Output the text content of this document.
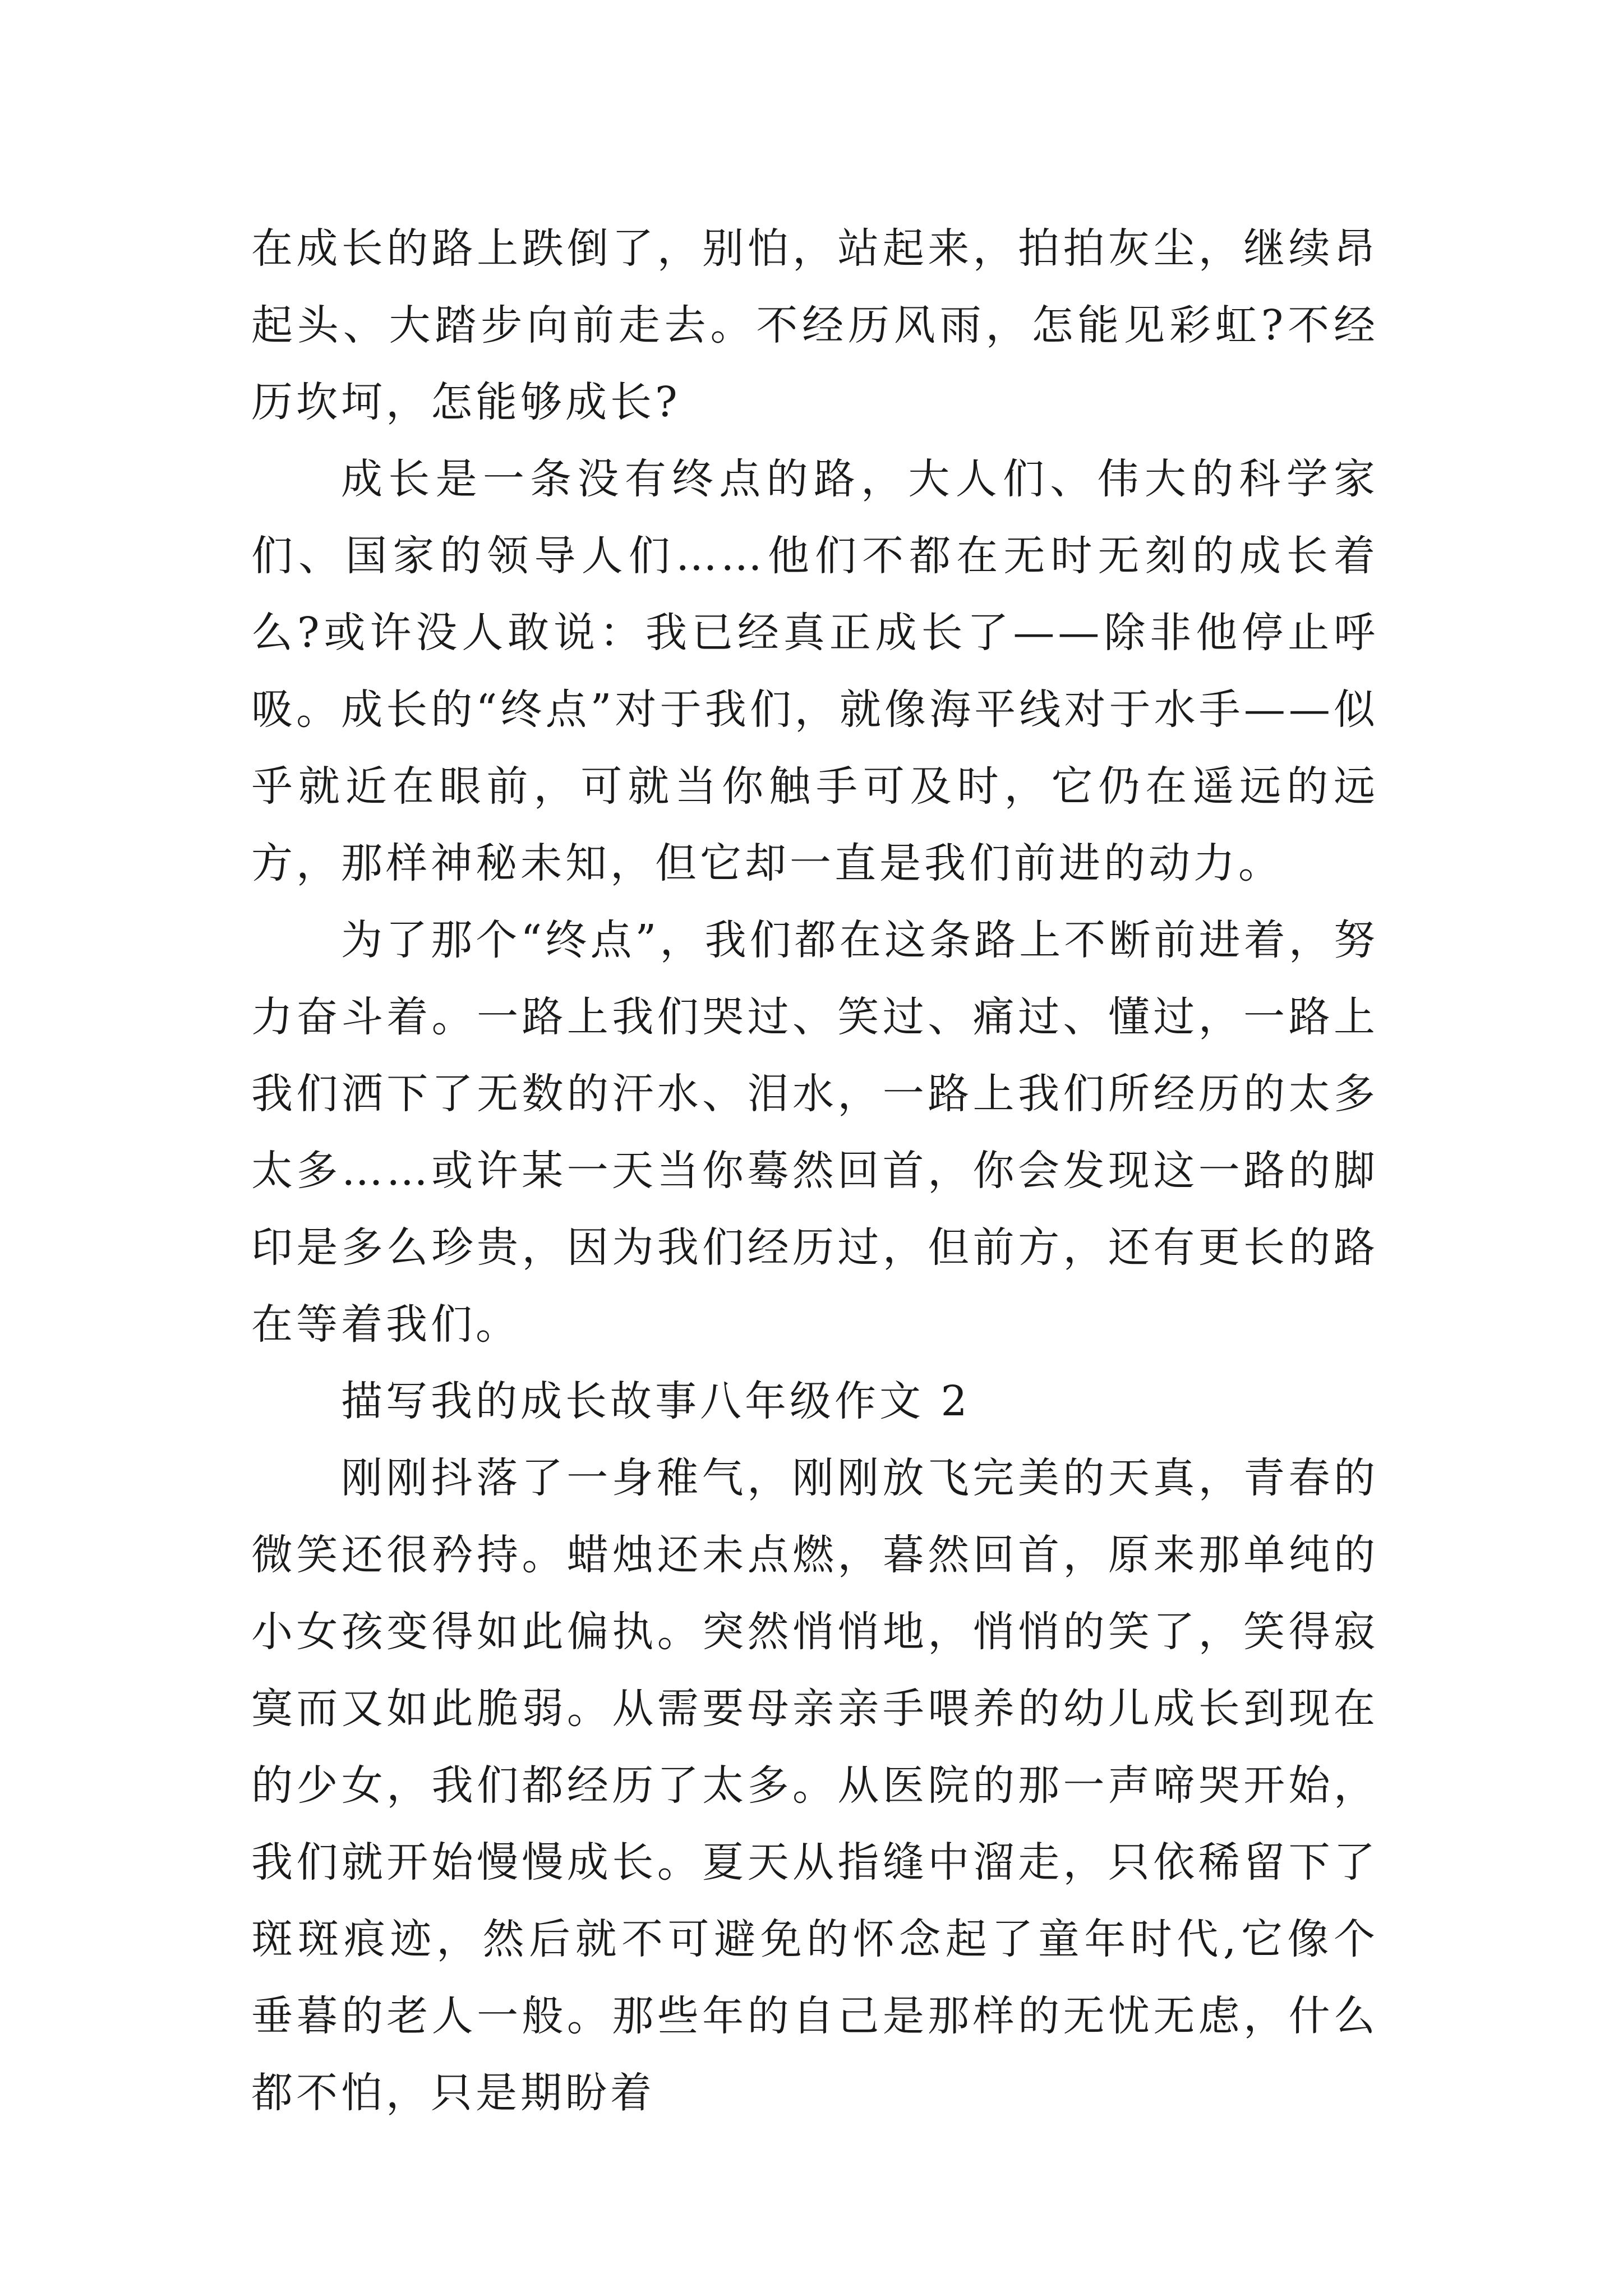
在成长的路上跌倒了，别怕，站起来，拍拍灰尘，继续昂起头、大踏步向前走去。不经历风雨，怎能见彩虹?不经历坎坷，怎能够成长?

成长是一条没有终点的路，大人们、伟大的科学家们、国家的领导人们……他们不都在无时无刻的成长着么?或许没人敢说：我已经真正成长了——除非他停止呼吸。成长的“终点”对于我们，就像海平线对于水手——似乎就近在眼前，可就当你触手可及时，它仍在遥远的远方，那样神秘未知，但它却一直是我们前进的动力。

为了那个“终点”，我们都在这条路上不断前进着，努力奋斗着。一路上我们哭过、笑过、痛过、懂过，一路上我们洒下了无数的汗水、泪水，一路上我们所经历的太多太多……或许某一天当你蓦然回首，你会发现这一路的脚印是多么珍贵，因为我们经历过，但前方，还有更长的路在等着我们。

描写我的成长故事八年级作文 2

刚刚抖落了一身稚气，刚刚放飞完美的天真，青春的微笑还很矜持。蜡烛还未点燃，暮然回首，原来那单纯的小女孩变得如此偏执。突然悄悄地，悄悄的笑了，笑得寂寞而又如此脆弱。从需要母亲亲手喂养的幼儿成长到现在的少女，我们都经历了太多。从医院的那一声啼哭开始，我们就开始慢慢成长。夏天从指缝中溜走，只依稀留下了斑斑痕迹，然后就不可避免的怀念起了童年时代,它像个垂暮的老人一般。那些年的自己是那样的无忧无虑，什么都不怕，只是期盼着
